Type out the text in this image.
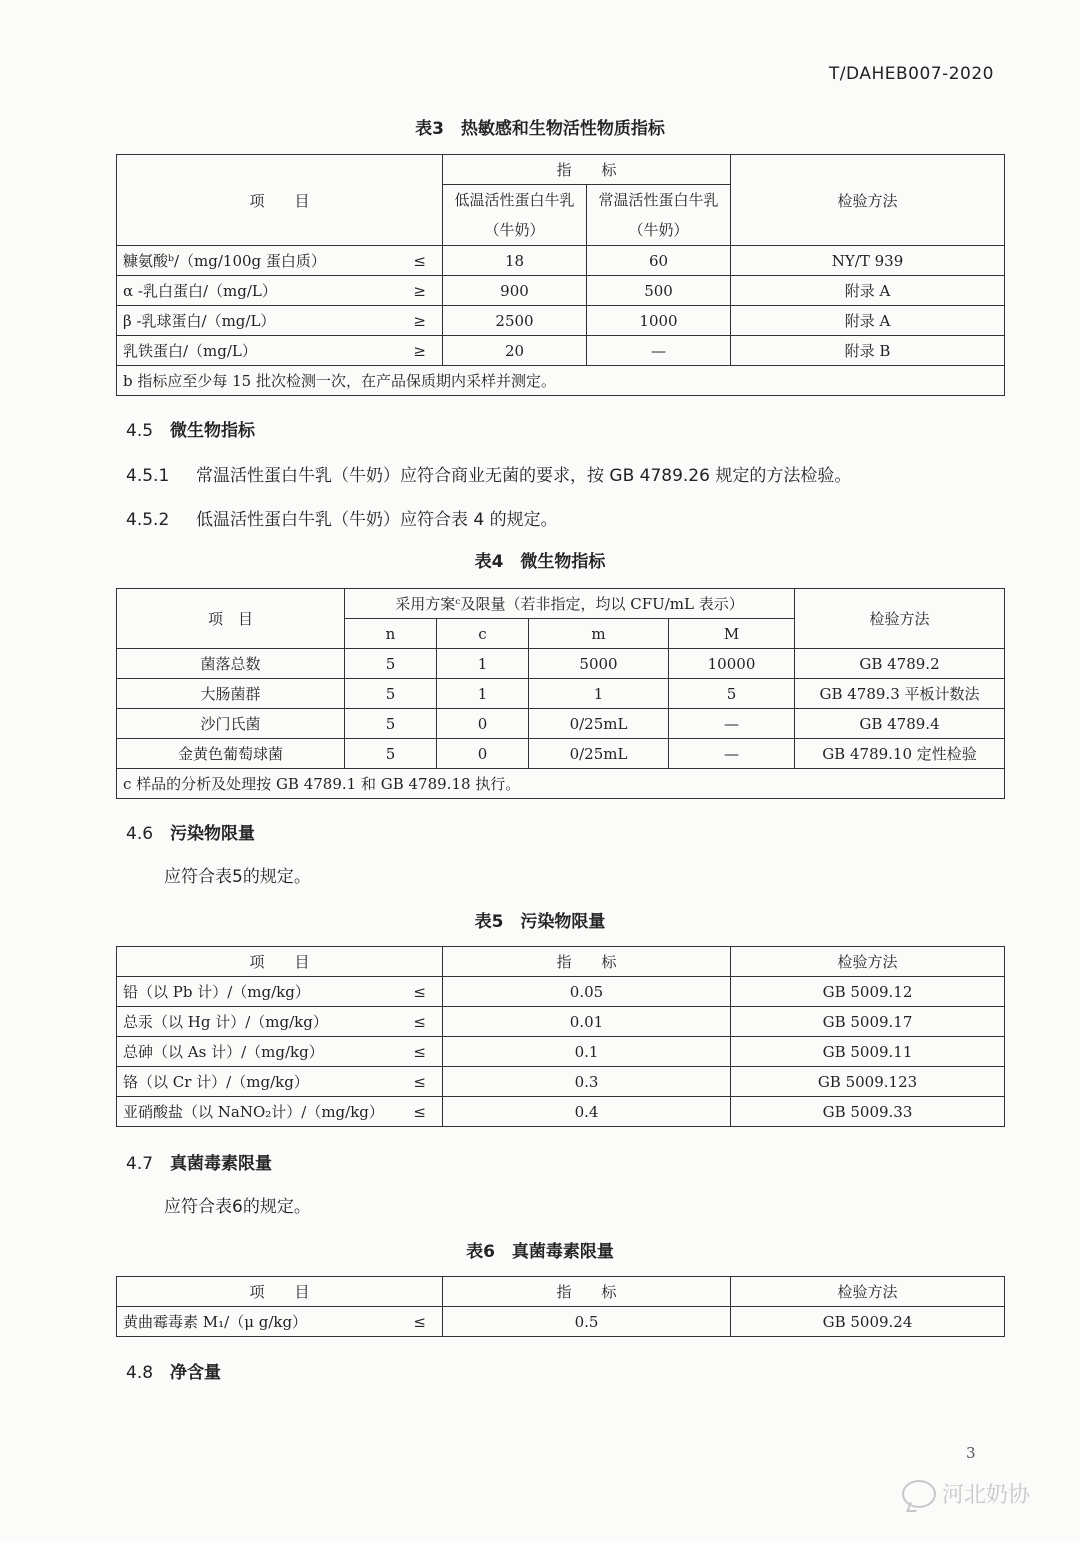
T/DAHEB007-2020
表3　热敏感和生物活性物质指标
项　　目	指　　标		检验方法
	低温活性蛋白牛乳（牛奶）	常温活性蛋白牛乳（牛奶）	
糠氨酸ᵇ/（mg/100g 蛋白质） ≤	18	60	NY/T 939
α -乳白蛋白/（mg/L） ≥	900	500	附录 A
β -乳球蛋白/（mg/L） ≥	2500	1000	附录 A
乳铁蛋白/（mg/L） ≥	20	—	附录 B
b 指标应至少每 15 批次检测一次，在产品保质期内采样并测定。			
4.5 微生物指标
4.5.1 常温活性蛋白牛乳（牛奶）应符合商业无菌的要求，按 GB 4789.26 规定的方法检验。
4.5.2 低温活性蛋白牛乳（牛奶）应符合表 4 的规定。
表4　微生物指标
项　目	采用方案ᶜ及限量（若非指定，均以 CFU/mL 表示）				检验方法
	n	c	m	M	
菌落总数	5	1	5000	10000	GB 4789.2
大肠菌群	5	1	1	5	GB 4789.3 平板计数法
沙门氏菌	5	0	0/25mL	—	GB 4789.4
金黄色葡萄球菌	5	0	0/25mL	—	GB 4789.10 定性检验
c 样品的分析及处理按 GB 4789.1 和 GB 4789.18 执行。					
4.6 污染物限量
应符合表5的规定。
表5　污染物限量
项　　目	指　　标	检验方法
铅（以 Pb 计）/（mg/kg） ≤	0.05	GB 5009.12
总汞（以 Hg 计）/（mg/kg） ≤	0.01	GB 5009.17
总砷（以 As 计）/（mg/kg） ≤	0.1	GB 5009.11
铬（以 Cr 计）/（mg/kg） ≤	0.3	GB 5009.123
亚硝酸盐（以 NaNO₂计）/（mg/kg） ≤	0.4	GB 5009.33
4.7 真菌毒素限量
应符合表6的规定。
表6　真菌毒素限量
项　　目	指　　标	检验方法
黄曲霉毒素 M₁/（μ g/kg） ≤	0.5	GB 5009.24
4.8 净含量
3
河北奶协
